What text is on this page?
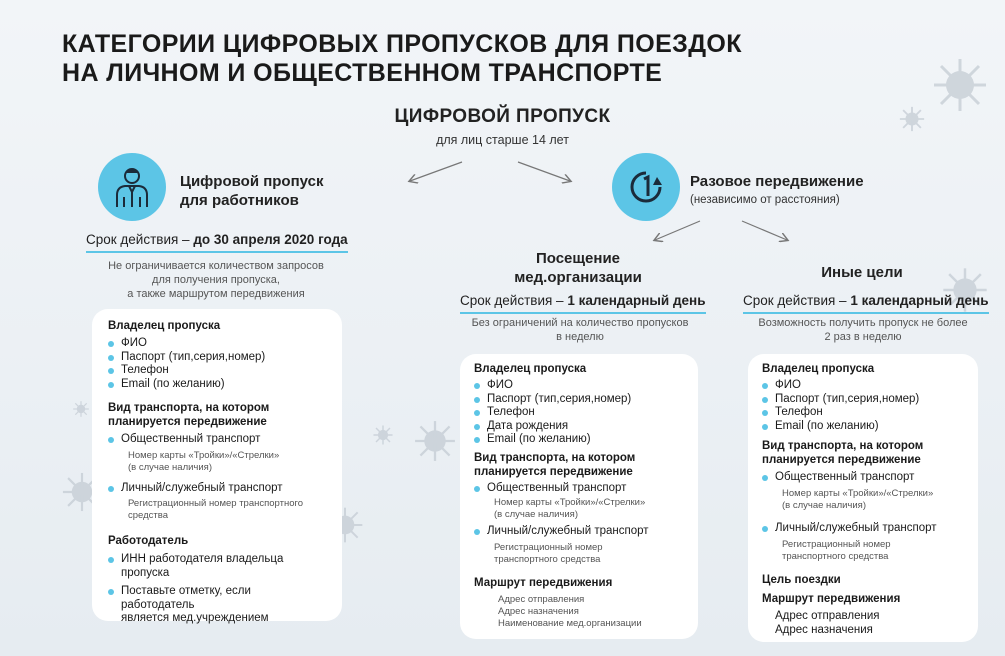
КАТЕГОРИИ ЦИФРОВЫХ ПРОПУСКОВ ДЛЯ ПОЕЗДОК
НА ЛИЧНОМ И ОБЩЕСТВЕННОМ ТРАНСПОРТЕ
ЦИФРОВОЙ ПРОПУСК
для лиц старше 14 лет
Цифровой пропуск
для работников
Срок действия – до 30 апреля 2020 года
Не ограничивается количеством запросов
для получения пропуска,
а также маршрутом передвижения
Владелец пропуска
ФИО
Паспорт (тип,серия,номер)
Телефон
Email (по желанию)
Вид транспорта, на котором
планируется передвижение
Общественный транспорт
Номер карты «Тройки»/«Стрелки»
(в случае наличия)
Личный/служебный транспорт
Регистрационный номер транспортного
средства
Работодатель
ИНН работодателя владельца пропуска
Поставьте отметку, если работодатель
является мед.учреждением
Разовое передвижение
(независимо от расстояния)
Посещение
мед.организации
Срок действия – 1 календарный день
Без ограничений на количество пропусков
в неделю
Владелец пропуска
ФИО
Паспорт (тип,серия,номер)
Телефон
Дата рождения
Email (по желанию)
Вид транспорта, на котором
планируется передвижение
Общественный транспорт
Номер карты «Тройки»/«Стрелки»
(в случае наличия)
Личный/служебный транспорт
Регистрационный номер
транспортного средства
Маршрут передвижения
Адрес отправления
Адрес назначения
Наименование мед.организации
Иные цели
Срок действия – 1 календарный день
Возможность получить пропуск не более
2 раз в неделю
Владелец пропуска
ФИО
Паспорт (тип,серия,номер)
Телефон
Email (по желанию)
Вид транспорта, на котором
планируется передвижение
Общественный транспорт
Номер карты «Тройки»/«Стрелки»
(в случае наличия)
Личный/служебный транспорт
Регистрационный номер
транспортного средства
Цель поездки
Маршрут передвижения
Адрес отправления
Адрес назначения
